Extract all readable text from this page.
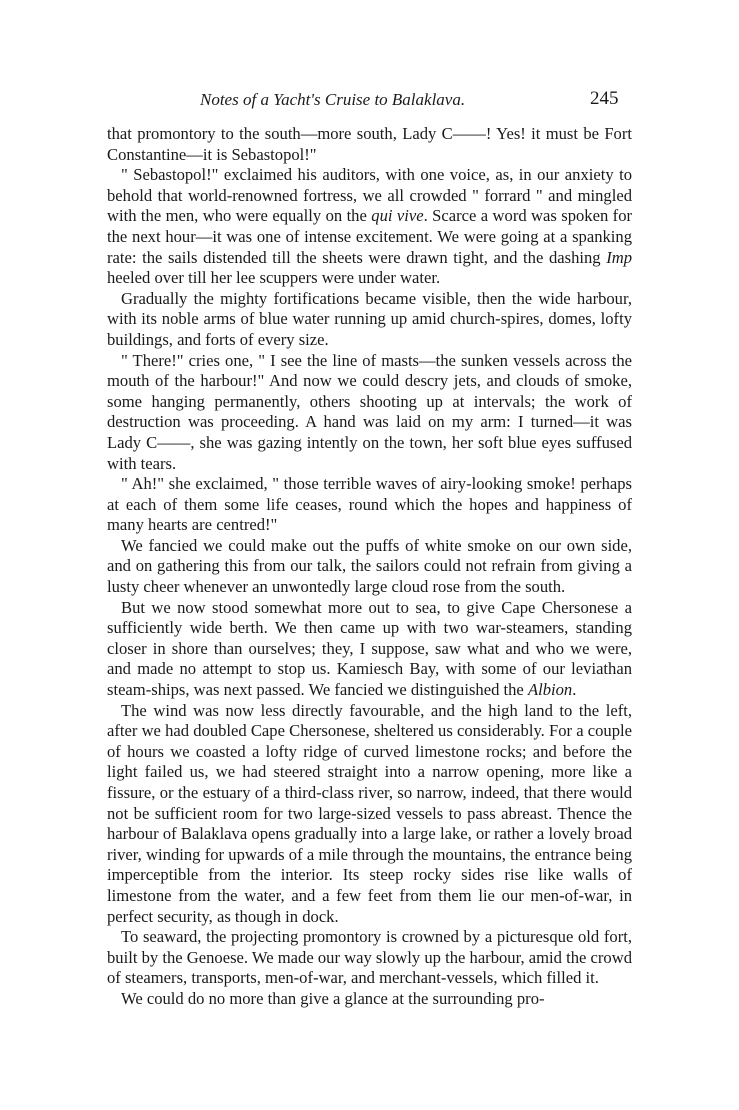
Notes of a Yacht's Cruise to Balaklava.	245

that promontory to the south—more south, Lady C——! Yes! it must be Fort Constantine—it is Sebastopol!"

" Sebastopol!" exclaimed his auditors, with one voice, as, in our anxiety to behold that world-renowned fortress, we all crowded " forrard " and mingled with the men, who were equally on the qui vive. Scarce a word was spoken for the next hour—it was one of intense excitement. We were going at a spanking rate: the sails distended till the sheets were drawn tight, and the dashing Imp heeled over till her lee scuppers were under water.

Gradually the mighty fortifications became visible, then the wide harbour, with its noble arms of blue water running up amid church-spires, domes, lofty buildings, and forts of every size.

" There!" cries one, " I see the line of masts—the sunken vessels across the mouth of the harbour!" And now we could descry jets, and clouds of smoke, some hanging permanently, others shooting up at intervals; the work of destruction was proceeding. A hand was laid on my arm: I turned—it was Lady C——, she was gazing intently on the town, her soft blue eyes suffused with tears.

" Ah!" she exclaimed, " those terrible waves of airy-looking smoke! perhaps at each of them some life ceases, round which the hopes and happiness of many hearts are centred!"

We fancied we could make out the puffs of white smoke on our own side, and on gathering this from our talk, the sailors could not refrain from giving a lusty cheer whenever an unwontedly large cloud rose from the south.

But we now stood somewhat more out to sea, to give Cape Chersonese a sufficiently wide berth. We then came up with two war-steamers, standing closer in shore than ourselves; they, I suppose, saw what and who we were, and made no attempt to stop us. Kamiesch Bay, with some of our leviathan steam-ships, was next passed. We fancied we distinguished the Albion.

The wind was now less directly favourable, and the high land to the left, after we had doubled Cape Chersonese, sheltered us considerably. For a couple of hours we coasted a lofty ridge of curved limestone rocks; and before the light failed us, we had steered straight into a narrow opening, more like a fissure, or the estuary of a third-class river, so narrow, indeed, that there would not be sufficient room for two large-sized vessels to pass abreast. Thence the harbour of Balaklava opens gradually into a large lake, or rather a lovely broad river, winding for upwards of a mile through the mountains, the entrance being imperceptible from the interior. Its steep rocky sides rise like walls of limestone from the water, and a few feet from them lie our men-of-war, in perfect security, as though in dock.

To seaward, the projecting promontory is crowned by a picturesque old fort, built by the Genoese. We made our way slowly up the harbour, amid the crowd of steamers, transports, men-of-war, and merchant-vessels, which filled it.

We could do no more than give a glance at the surrounding pro-
